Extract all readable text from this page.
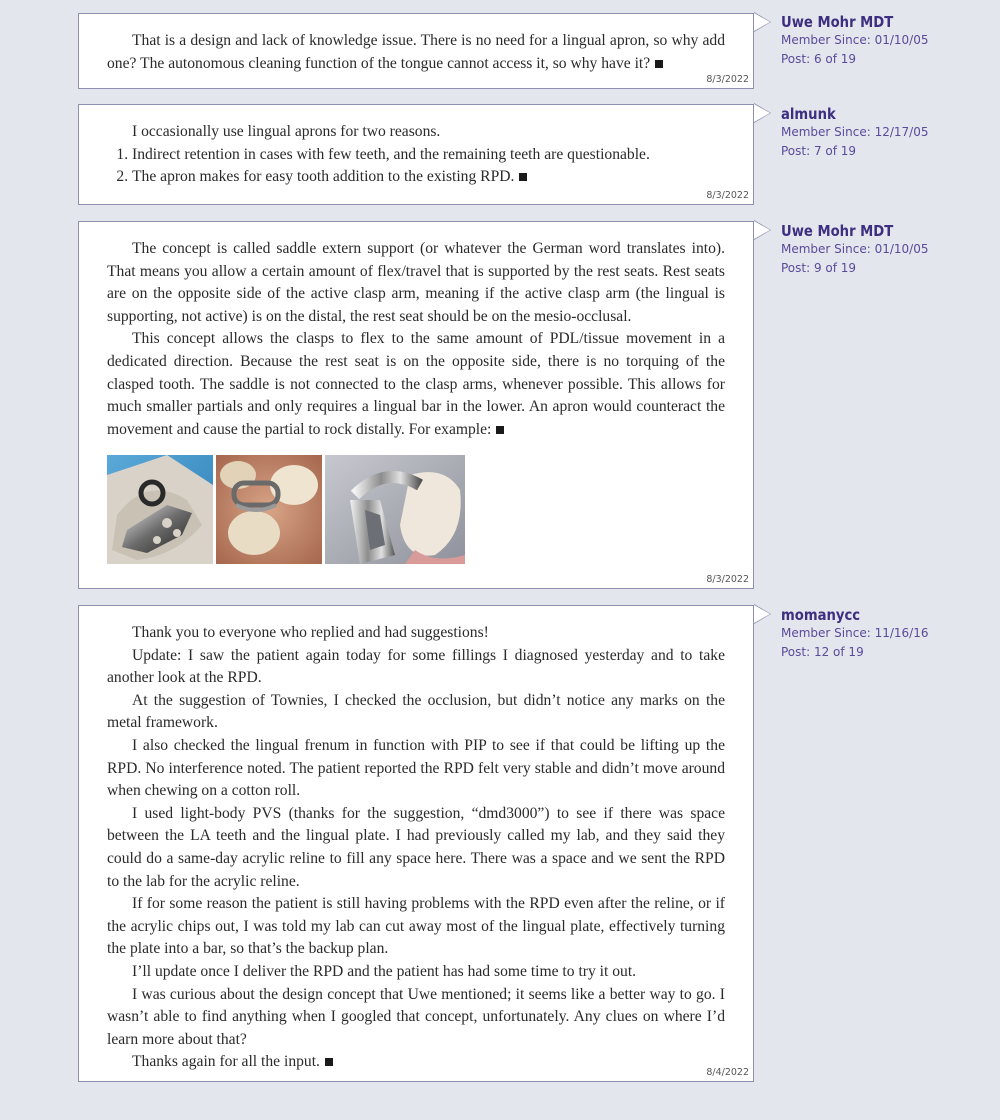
That is a design and lack of knowledge issue. There is no need for a lingual apron, so why add one? The autonomous cleaning function of the tongue cannot access it, so why have it?

8/3/2022
Uwe Mohr MDT
Member Since: 01/10/05
Post: 6 of 19

I occasionally use lingual aprons for two reasons.

1. Indirect retention in cases with few teeth, and the remaining teeth are questionable.
2. The apron makes for easy tooth addition to the existing RPD.
8/3/2022
almunk
Member Since: 12/17/05
Post: 7 of 19

The concept is called saddle extern support (or whatever the German word translates into). That means you allow a certain amount of flex/travel that is supported by the rest seats. Rest seats are on the opposite side of the active clasp arm, meaning if the active clasp arm (the lingual is supporting, not active) is on the distal, the rest seat should be on the mesio-occlusal.

This concept allows the clasps to flex to the same amount of PDL/tissue movement in a dedicated direction. Because the rest seat is on the opposite side, there is no torquing of the clasped tooth. The saddle is not connected to the clasp arms, whenever possible. This allows for much smaller partials and only requires a lingual bar in the lower. An apron would counteract the movement and cause the partial to rock distally. For example:

8/3/2022
Uwe Mohr MDT
Member Since: 01/10/05
Post: 9 of 19

Thank you to everyone who replied and had suggestions!

Update: I saw the patient again today for some fillings I diagnosed yesterday and to take another look at the RPD.

At the suggestion of Townies, I checked the occlusion, but didn’t notice any marks on the metal framework.

I also checked the lingual frenum in function with PIP to see if that could be lifting up the RPD. No interference noted. The patient reported the RPD felt very stable and didn’t move around when chewing on a cotton roll.

I used light-body PVS (thanks for the suggestion, “dmd3000”) to see if there was space between the LA teeth and the lingual plate. I had previously called my lab, and they said they could do a same-day acrylic reline to fill any space here. There was a space and we sent the RPD to the lab for the acrylic reline.

If for some reason the patient is still having problems with the RPD even after the reline, or if the acrylic chips out, I was told my lab can cut away most of the lingual plate, effectively turning the plate into a bar, so that’s the backup plan.

I’ll update once I deliver the RPD and the patient has had some time to try it out.

I was curious about the design concept that Uwe mentioned; it seems like a better way to go. I wasn’t able to find anything when I googled that concept, unfortunately. Any clues on where I’d learn more about that?

Thanks again for all the input.

8/4/2022
momanycc
Member Since: 11/16/16
Post: 12 of 19
